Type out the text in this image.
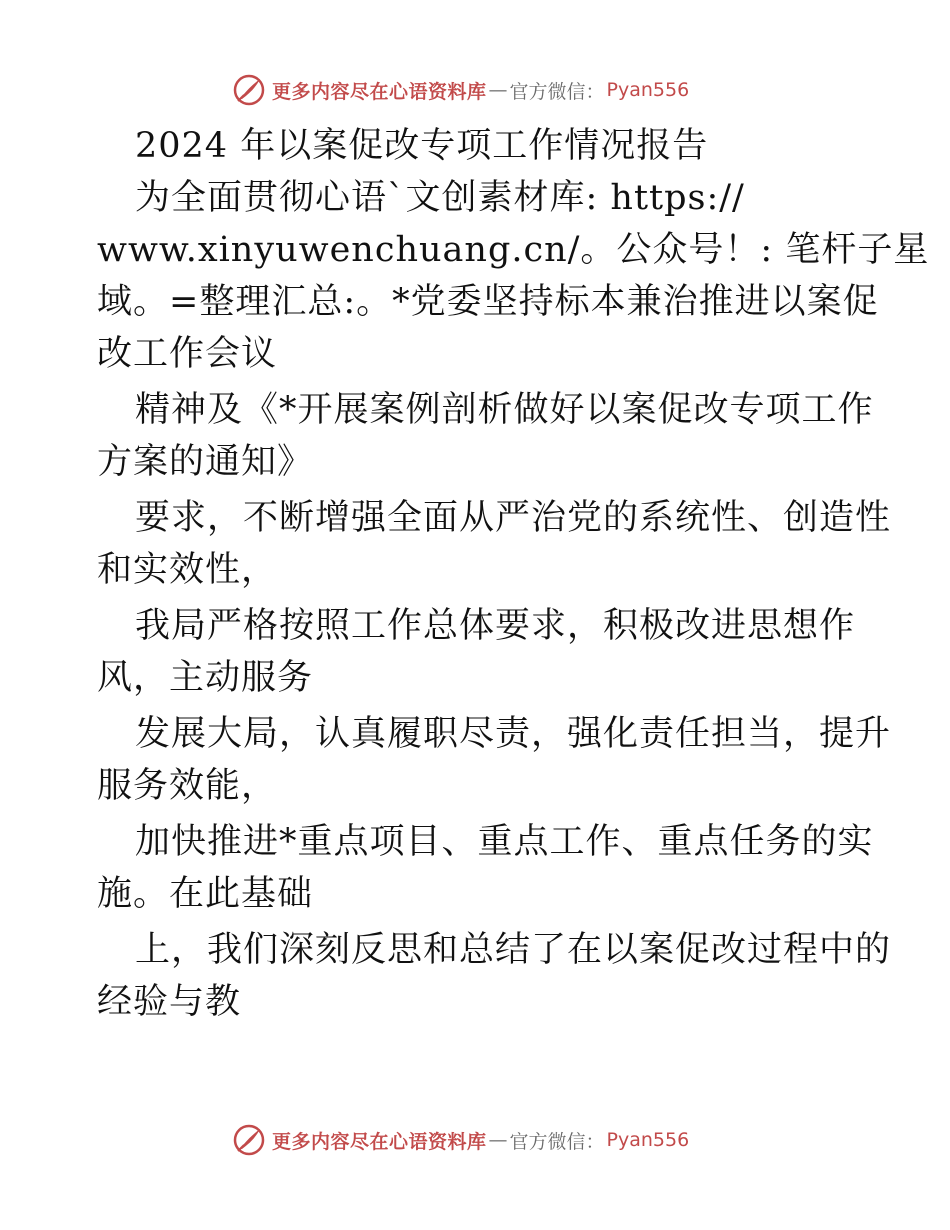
更多内容尽在心语资料库 — 官方微信： Pyan556
2024 年以案促改专项工作情况报告
为全面贯彻心语`文创素材库: https://
www.xinyuwenchuang.cn/。公众号！: 笔杆子星
域。=整理汇总:。*党委坚持标本兼治推进以案促
改工作会议
精神及《*开展案例剖析做好以案促改专项工作
方案的通知》
要求，不断增强全面从严治党的系统性、创造性
和实效性，
我局严格按照工作总体要求，积极改进思想作
风，主动服务
发展大局，认真履职尽责，强化责任担当，提升
服务效能，
加快推进*重点项目、重点工作、重点任务的实
施。在此基础
上，我们深刻反思和总结了在以案促改过程中的
经验与教
更多内容尽在心语资料库 — 官方微信： Pyan556
